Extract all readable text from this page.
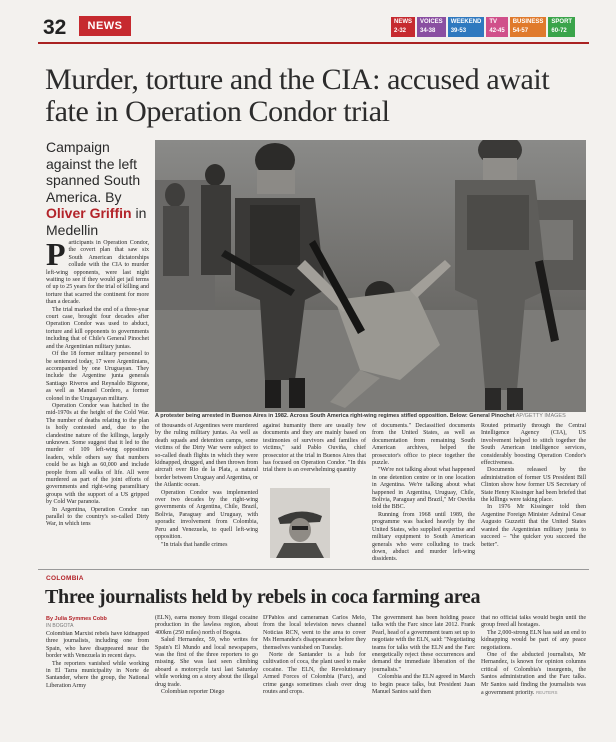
32	NEWS	NEWS
2-32
VOICES
34-38
WEEKEND
39-53
TV
42-45
BUSINESS
54-57
SPORT
60-72
Murder, torture and the CIA: accused await fate in Operation Condor trial
Campaign against the left spanned South America. By Oliver Griffin in Medellin
A protester being arrested in Buenos Aires in 1982. Across South America right-wing regimes stifled opposition. Below: General Pinochet AP/GETTY IMAGES
P articipants in Operation Condor, the covert plan that saw six South American dictatorships collude with the CIA to murder left-wing opponents, were last night waiting to see if they would get jail terms of up to 25 years for the trial of killing and torture that scarred the continent for more than a decade.

The trial marked the end of a three-year court case, brought four decades after Operation Condor was used to abduct, torture and kill opponents to governments including that of Chile's General Pinochet and the Argentinian military juntas.

Of the 18 former military personnel to be sentenced today, 17 were Argentinians, accompanied by one Uruguayan. They include the Argentine junta generals Santiago Riveros and Reynaldo Bignone, as well as Manuel Cordero, a former colonel in the Uruguayan military.

Operation Condor was hatched in the mid-1970s at the height of the Cold War. The number of deaths relating to the plan is hotly contested and, due to the clandestine nature of the killings, largely unknown. Some suggest that it led to the murder of 109 left-wing opposition leaders, while others say that numbers could be as high as 60,000 and include people from all walks of life. All were murdered as part of the joint efforts of governments and right-wing paramilitary groups with the support of a US gripped by Cold War paranoia.

In Argentina, Operation Condor ran parallel to the country's so-called Dirty War, in which tens

of thousands of Argentines were murdered by the ruling military juntas. As well as death squads and detention camps, some victims of the Dirty War were subject to so-called death flights in which they were kidnapped, drugged, and then thrown from aircraft over Rio de la Plata, a natural border between Uruguay and Argentina, or the Atlantic ocean.

Operation Condor was implemented over two decades by the right-wing governments of Argentina, Chile, Brazil, Bolivia, Paraguay and Uruguay, with sporadic involvement from Colombia, Peru and Venezuela, to quell left-wing opposition.

"In trials that handle crimes

against humanity there are usually few documents and they are mainly based on testimonies of survivors and families of victims," said Pablo Ouviña, chief prosecutor at the trial in Buenos Aires that has focused on Operation Condor. "In this trial there is an overwhelming quantity

of documents." Declassified documents from the United States, as well as documentation from remaining South American archives, helped the prosecutor's office to piece together the puzzle.

"We're not talking about what happened in one detention centre or in one location in Argentina. We're talking about what happened in Argentina, Uruguay, Chile, Bolivia, Paraguay and Brazil," Mr Ouviña told the BBC.

Running from 1968 until 1989, the programme was backed heavily by the United States, who supplied expertise and military equipment to South American generals who were colluding to track down, abduct and murder left-wing dissidents.

Routed primarily through the Central Intelligence Agency (CIA), US involvement helped to stitch together the South American intelligence services, considerably boosting Operation Condor's effectiveness.

Documents released by the administration of former US President Bill Clinton show how former US Secretary of State Henry Kissinger had been briefed that the killings were taking place.

In 1976 Mr Kissinger told then Argentine Foreign Minister Admiral Cesar Augusto Guzzetti that the United States wanted the Argentinian military junta to succeed – "the quicker you succeed the better".

COLOMBIA
Three journalists held by rebels in coca farming area
By Julia Symmes Cobb
IN BOGOTA

Colombian Marxist rebels have kidnapped three journalists, including one from Spain, who have disappeared near the border with Venezuela in recent days.

The reporters vanished while working in El Tarra municipality in Norte de Santander, where the group, the National Liberation Army

(ELN), earns money from illegal cocaine production in the lawless region, about 400km (250 miles) north of Bogota.

Salud Hernandez, 59, who writes for Spain's El Mundo and local newspapers, was the first of the three reporters to go missing. She was last seen climbing aboard a motorcycle taxi last Saturday while working on a story about the illegal drug trade.

Colombian reporter Diego

D'Pablos and cameraman Carlos Melo, from the local television news channel Noticias RCN, went to the area to cover Ms Hernandez's disappearance before they themselves vanished on Tuesday.

Norte de Santander is a hub for cultivation of coca, the plant used to make cocaine. The ELN, the Revolutionary Armed Forces of Colombia (Farc), and crime gangs sometimes clash over drug routes and crops.

The government has been holding peace talks with the Farc since late 2012. Frank Pearl, head of a government team set up to negotiate with the ELN, said: "Negotiating teams for talks with the ELN and the Farc energetically reject these occurrences and demand the immediate liberation of the journalists."

Colombia and the ELN agreed in March to begin peace talks, but President Juan Manuel Santos said then

that no official talks would begin until the group freed all hostages.

The 2,000-strong ELN has said an end to kidnapping would be part of any peace negotiations.

One of the abducted journalists, Mr Hernandez, is known for opinion columns critical of Colombia's insurgents, the Santos administration and the Farc talks. Mr Santos said finding the journalists was a government priority. REUTERS
